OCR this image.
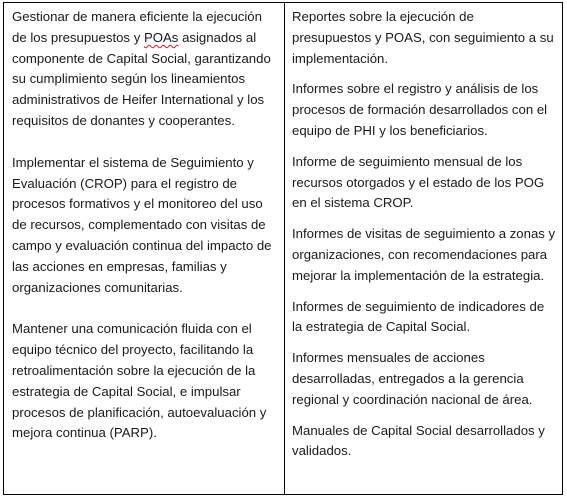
Gestionar de manera eficiente la ejecución de los presupuestos y POAs asignados al componente de Capital Social, garantizando su cumplimiento según los lineamientos administrativos de Heifer International y los requisitos de donantes y cooperantes.

Implementar el sistema de Seguimiento y Evaluación (CROP) para el registro de procesos formativos y el monitoreo del uso de recursos, complementado con visitas de campo y evaluación continua del impacto de las acciones en empresas, familias y organizaciones comunitarias.

Mantener una comunicación fluida con el equipo técnico del proyecto, facilitando la retroalimentación sobre la ejecución de la estrategia de Capital Social, e impulsar procesos de planificación, autoevaluación y mejora continua (PARP).

Reportes sobre la ejecución de presupuestos y POAS, con seguimiento a su implementación.

Informes sobre el registro y análisis de los procesos de formación desarrollados con el equipo de PHI y los beneficiarios.

Informe de seguimiento mensual de los recursos otorgados y el estado de los POG en el sistema CROP.

Informes de visitas de seguimiento a zonas y organizaciones, con recomendaciones para mejorar la implementación de la estrategia.

Informes de seguimiento de indicadores de la estrategia de Capital Social.

Informes mensuales de acciones desarrolladas, entregados a la gerencia regional y coordinación nacional de área.

Manuales de Capital Social desarrollados y validados.
